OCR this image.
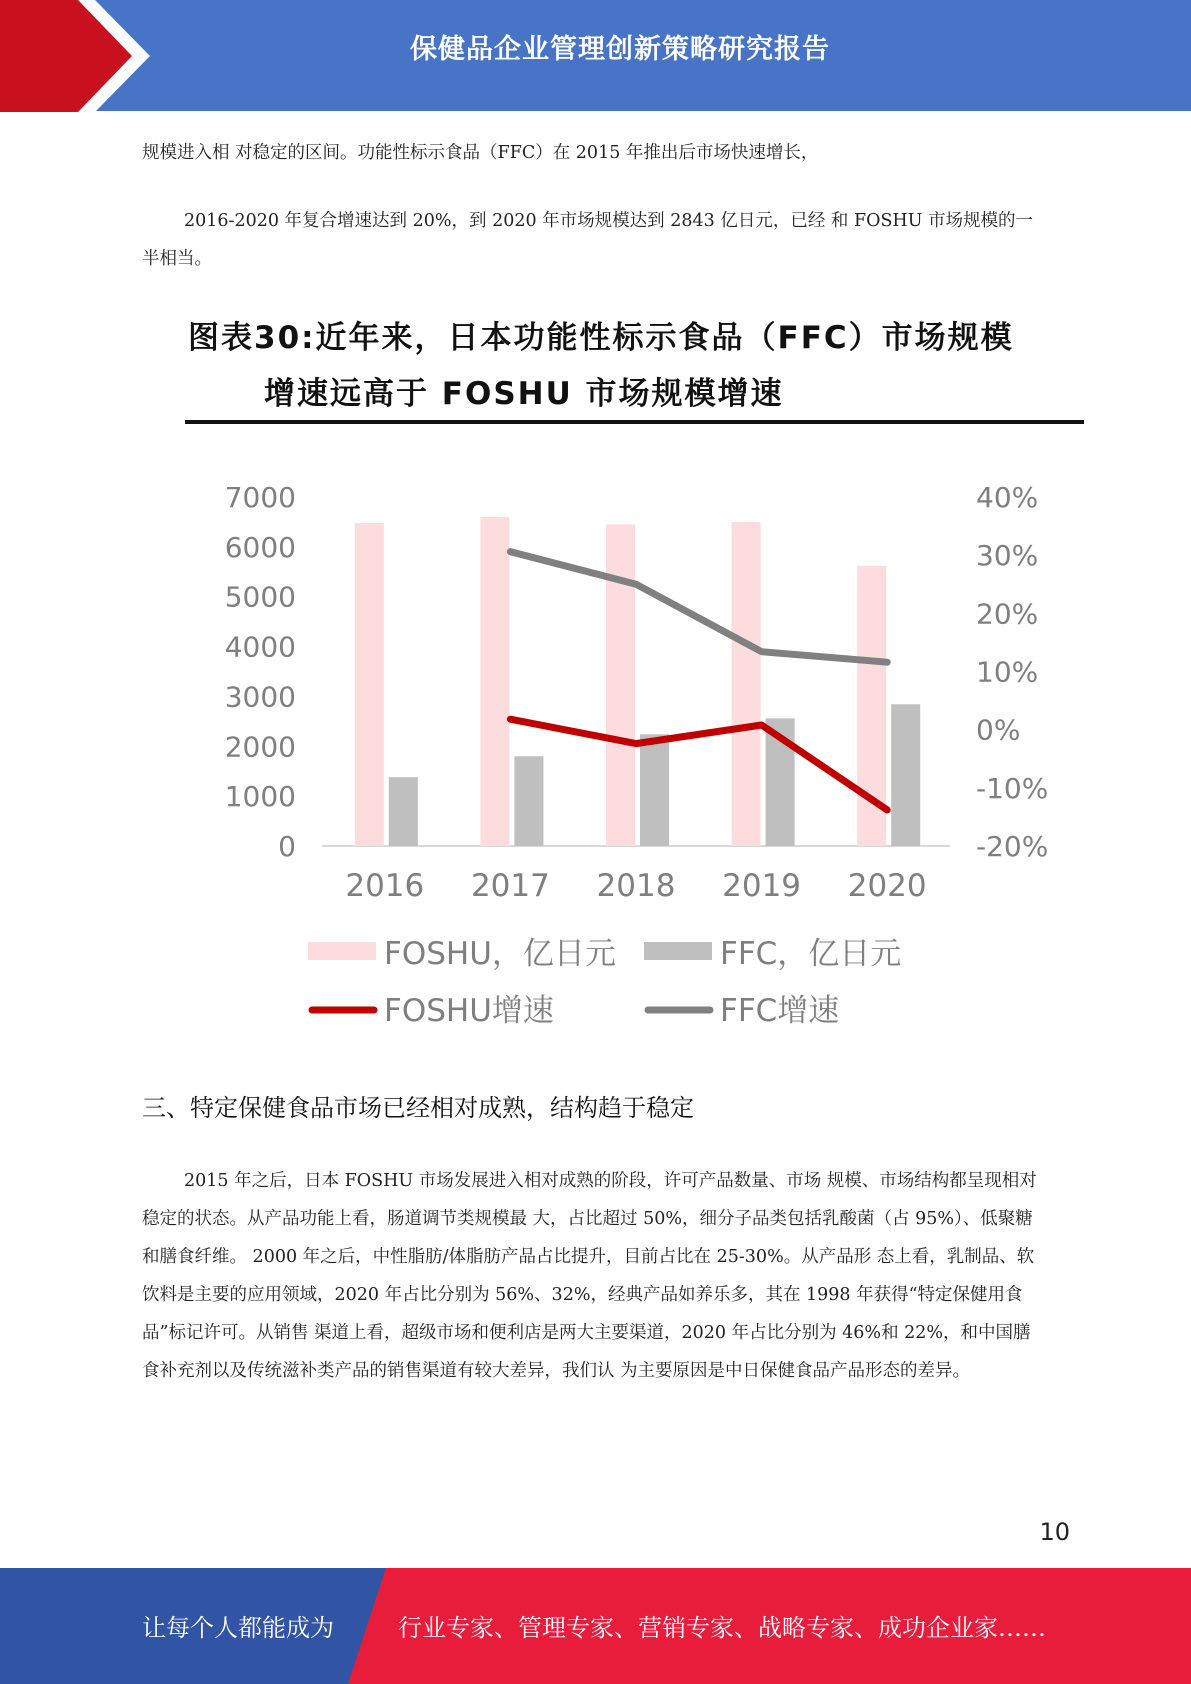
保健品企业管理创新策略研究报告

规模进入相 对稳定的区间。功能性标示食品（FFC）在 2015 年推出后市场快速增长，

2016-2020 年复合增速达到 20%，到 2020 年市场规模达到 2843 亿日元，已经 和 FOSHU 市场规模的一半相当。

图表30:近年来，日本功能性标示食品（FFC）市场规模
增速远高于 FOSHU 市场规模增速
0
1000
2000
3000
4000
5000
6000
7000
-20%
-10%
0%
10%
20%
30%
40%
2016 2017 2018 2019 2020
FOSHU，亿日元	FFC，亿日元
FOSHU增速	FFC增速
三、特定保健食品市场已经相对成熟，结构趋于稳定

2015 年之后，日本 FOSHU 市场发展进入相对成熟的阶段，许可产品数量、市场 规模、市场结构都呈现相对稳定的状态。从产品功能上看，肠道调节类规模最 大，占比超过 50%，细分子品类包括乳酸菌（占 95%）、低聚糖和膳食纤维。 2000 年之后，中性脂肪/体脂肪产品占比提升，目前占比在 25-30%。从产品形 态上看，乳制品、软饮料是主要的应用领域，2020 年占比分别为 56%、32%，经典产品如养乐多，其在 1998 年获得“特定保健用食品”标记许可。从销售 渠道上看，超级市场和便利店是两大主要渠道，2020 年占比分别为 46%和 22%，和中国膳食补充剂以及传统滋补类产品的销售渠道有较大差异，我们认 为主要原因是中日保健食品产品形态的差异。

10
让每个人都能成为	行业专家、管理专家、营销专家、战略专家、成功企业家……
